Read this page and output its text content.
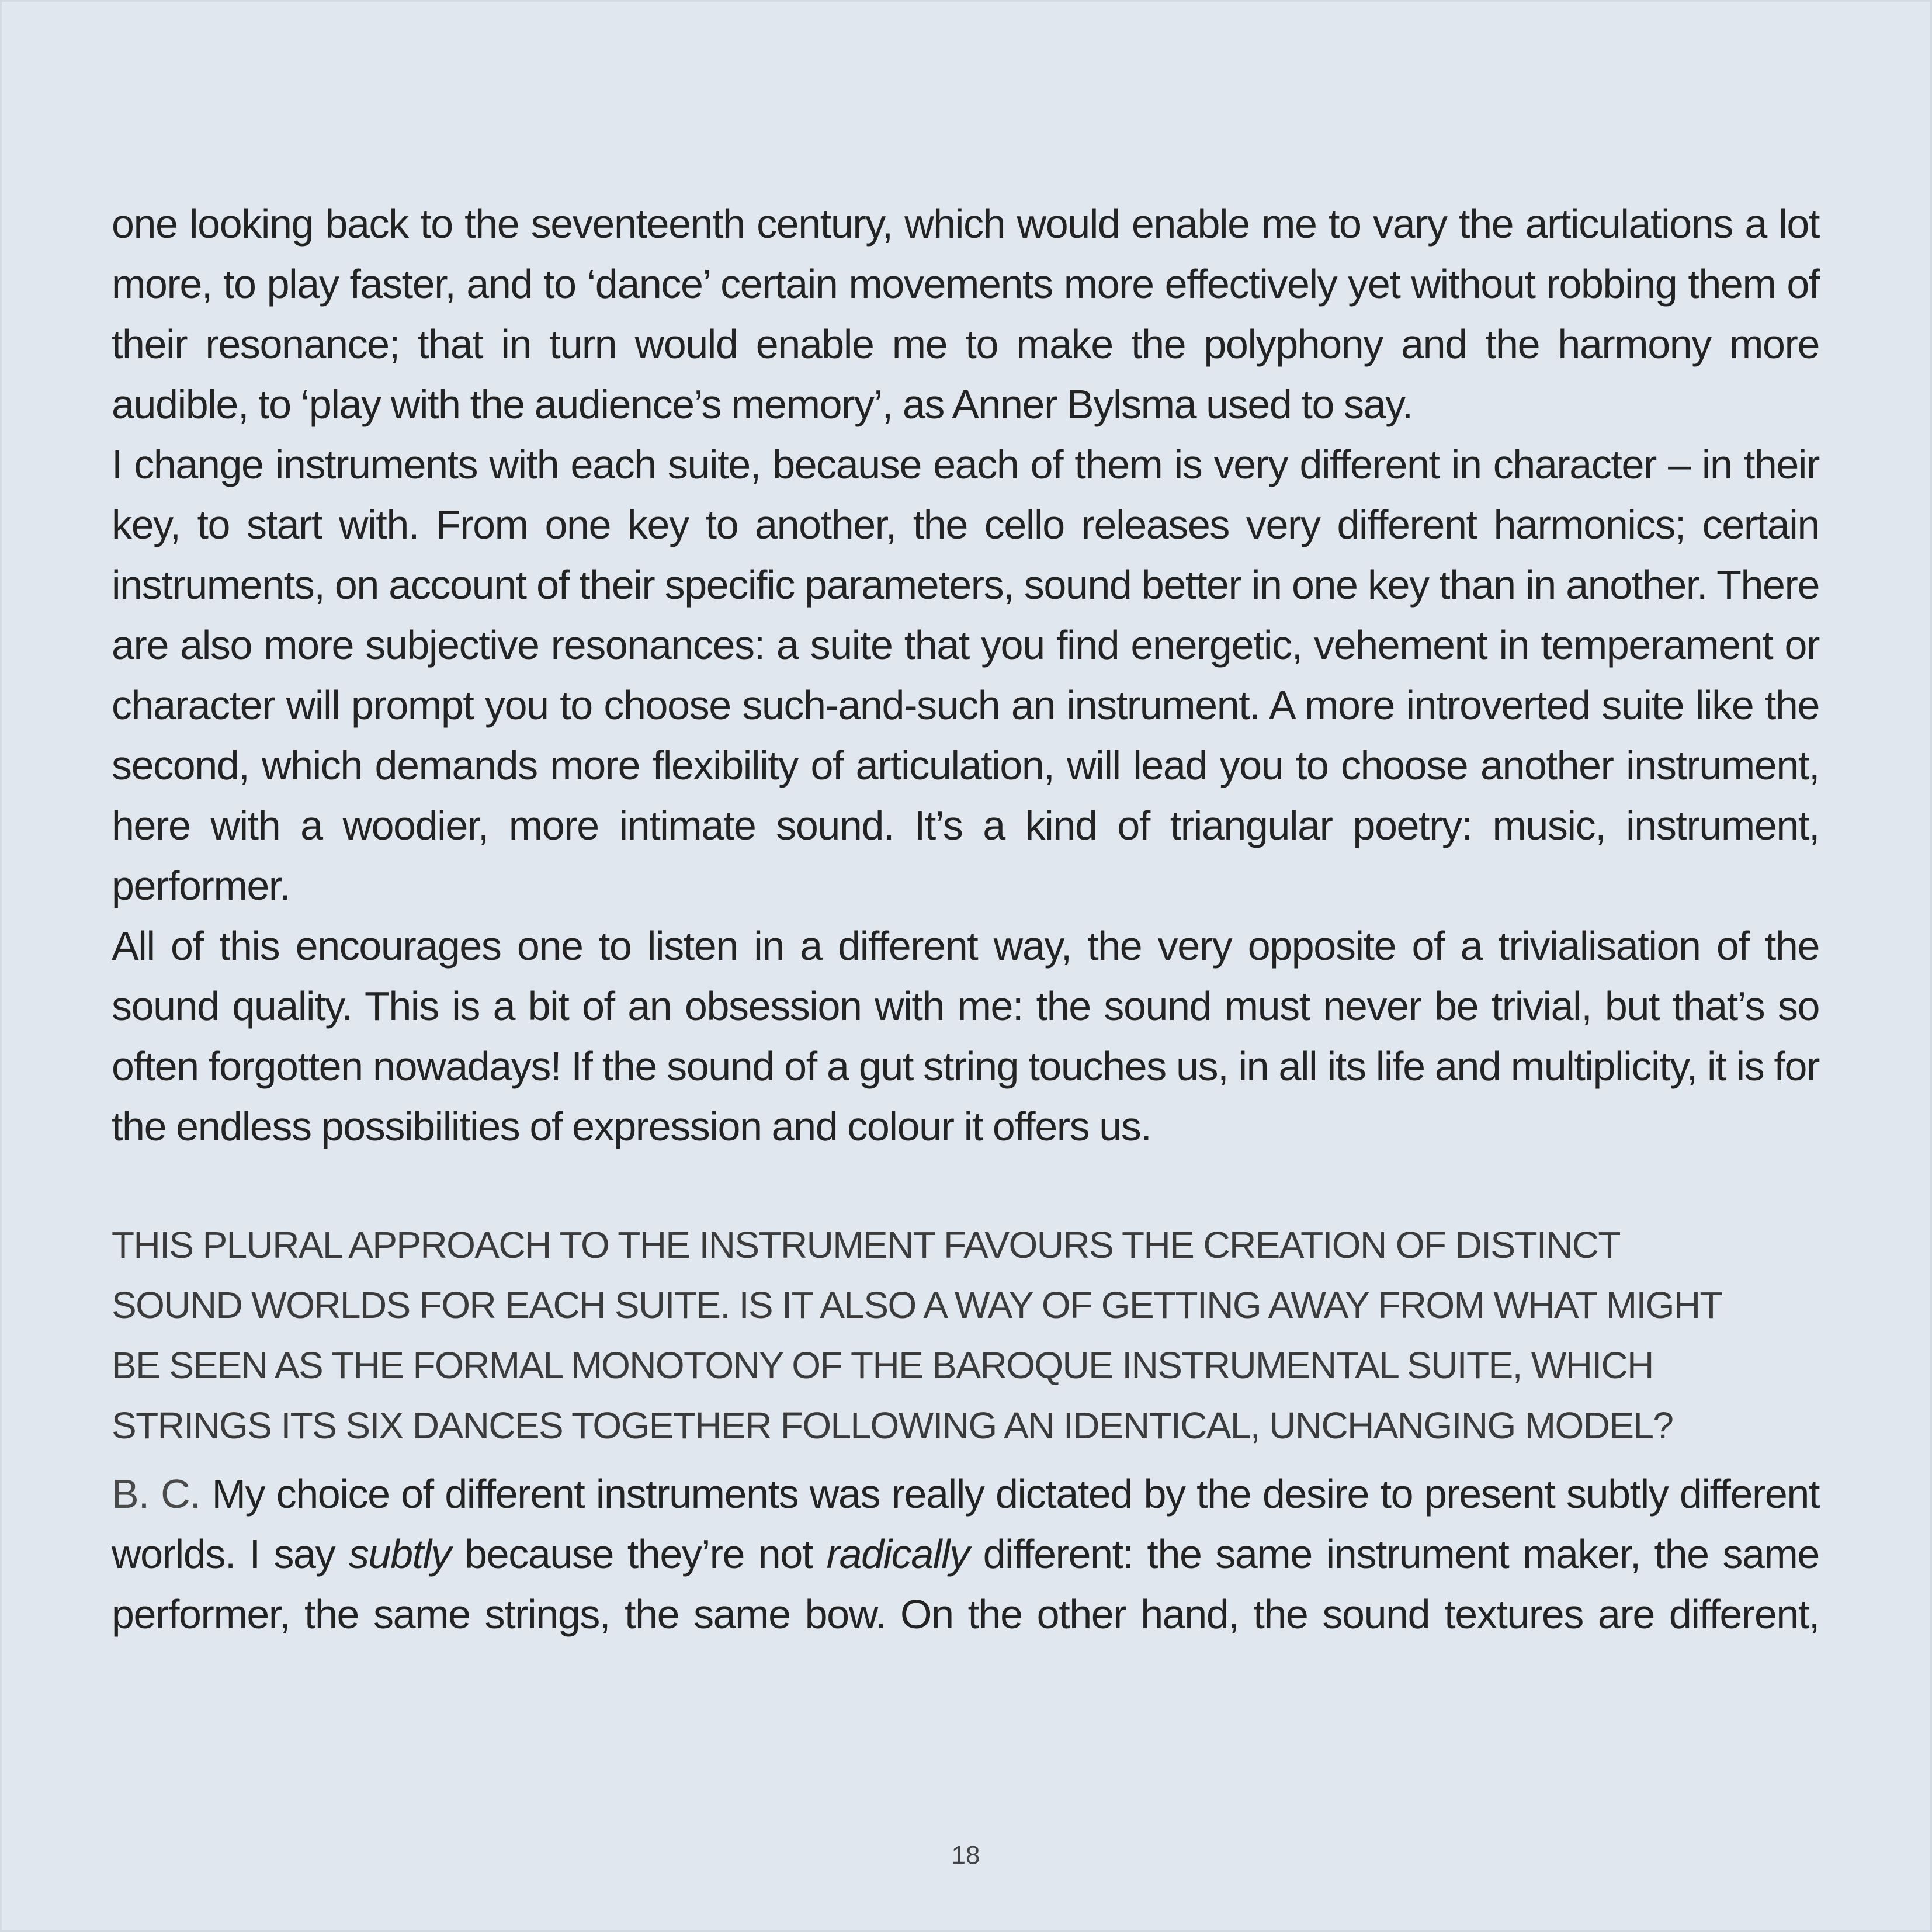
one looking back to the seventeenth century, which would enable me to vary the articulations a lot more, to play faster, and to ‘dance’ certain movements more effectively yet without robbing them of their resonance; that in turn would enable me to make the polyphony and the harmony more audible, to ‘play with the audience’s memory’, as Anner Bylsma used to say.

I change instruments with each suite, because each of them is very different in character – in their key, to start with. From one key to another, the cello releases very different harmonics; certain instruments, on account of their specific parameters, sound better in one key than in another. There are also more subjective resonances: a suite that you find energetic, vehement in temperament or character will prompt you to choose such-and-such an instrument. A more introverted suite like the second, which demands more flexibility of articulation, will lead you to choose another instrument, here with a woodier, more intimate sound. It’s a kind of triangular poetry: music, instrument, performer.

All of this encourages one to listen in a different way, the very opposite of a trivialisation of the sound quality. This is a bit of an obsession with me: the sound must never be trivial, but that’s so often forgotten nowadays! If the sound of a gut string touches us, in all its life and multiplicity, it is for the endless possibilities of expression and colour it offers us.

THIS PLURAL APPROACH TO THE INSTRUMENT FAVOURS THE CREATION OF DISTINCT SOUND WORLDS FOR EACH SUITE. IS IT ALSO A WAY OF GETTING AWAY FROM WHAT MIGHT BE SEEN AS THE FORMAL MONOTONY OF THE BAROQUE INSTRUMENTAL SUITE, WHICH STRINGS ITS SIX DANCES TOGETHER FOLLOWING AN IDENTICAL, UNCHANGING MODEL?

B. C. My choice of different instruments was really dictated by the desire to present subtly different worlds. I say subtly because they’re not radically different: the same instrument maker, the same performer, the same strings, the same bow. On the other hand, the sound textures are different,

18
